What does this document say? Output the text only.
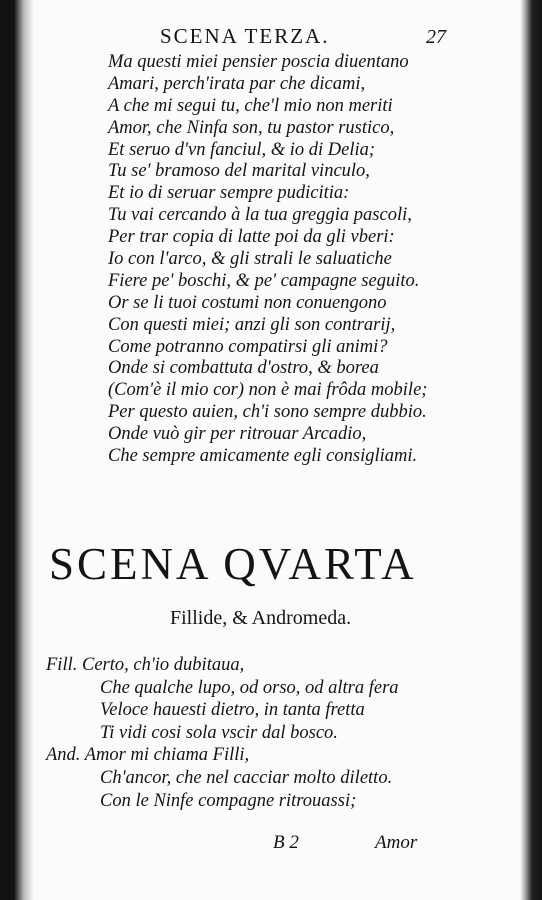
SCENA TERZA.	27
Ma questi miei pensier poscia diuentano
Amari, perch'irata par che dicami,
A che mi segui tu, che'l mio non meriti
Amor, che Ninfa son, tu pastor rustico,
Et seruo d'vn fanciul, & io di Delia;
Tu se' bramoso del marital vinculo,
Et io di seruar sempre pudicitia:
Tu vai cercando à la tua greggia pascoli,
Per trar copia di latte poi da gli vberi:
Io con l'arco, & gli strali le saluatiche
Fiere pe' boschi, & pe' campagne seguito.
Or se li tuoi costumi non conuengono
Con questi miei; anzi gli son contrarij,
Come potranno compatirsi gli animi?
Onde si combattuta d'ostro, & borea
(Com'è il mio cor) non è mai frôda mobile;
Per questo auien, ch'i sono sempre dubbio.
Onde vuò gir per ritrouar Arcadio,
Che sempre amicamente egli consigliami.
SCENA QVARTA
Fillide, & Andromeda.
Fill. Certo, ch'io dubitaua,
Che qualche lupo, od orso, od altra fera
Veloce hauesti dietro, in tanta fretta
Ti vidi cosi sola vscir dal bosco.
And. Amor mi chiama Filli,
Ch'ancor, che nel cacciar molto diletto.
Con le Ninfe compagne ritrouassi;
B 2	Amor
